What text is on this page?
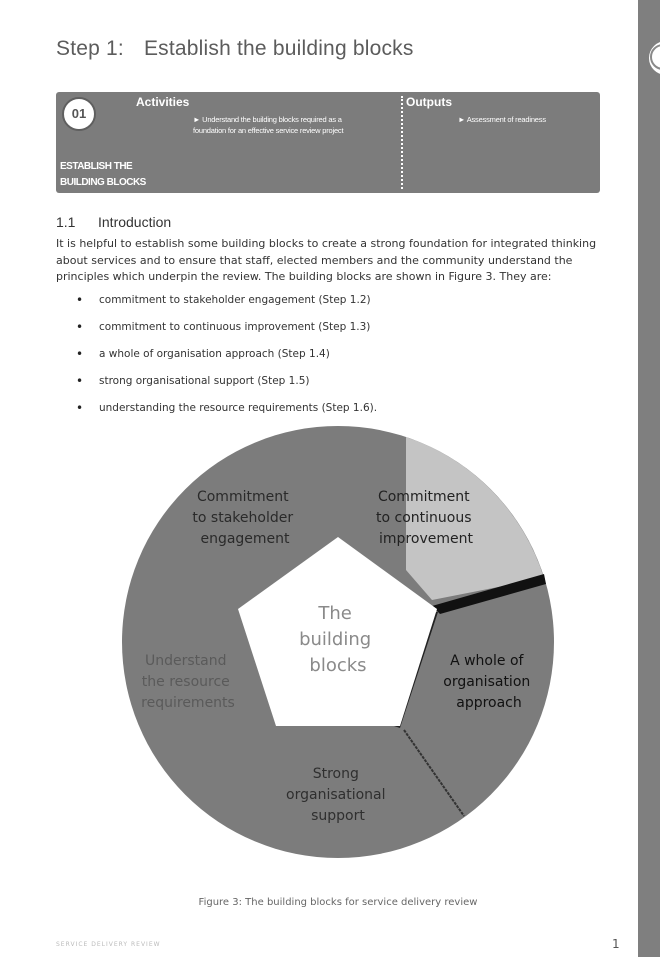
Step 1: Establish the building blocks
01
Activities	Outputs
► Understand the building blocks required as a foundation for an effective service review project
► Assessment of readiness
ESTABLISH THE BUILDING BLOCKS
1.1 Introduction
It is helpful to establish some building blocks to create a strong foundation for integrated thinking about services and to ensure that staff, elected members and the community understand the principles which underpin the review. The building blocks are shown in Figure 3. They are:
• commitment to stakeholder engagement (Step 1.2)
• commitment to continuous improvement (Step 1.3)
• a whole of organisation approach (Step 1.4)
• strong organisational support (Step 1.5)
• understanding the resource requirements (Step 1.6).
The building blocks
Commitment to stakeholder engagement
Commitment to continuous improvement
A whole of organisation approach
Strong organisational support
Understand the resource requirements
Figure 3: The building blocks for service delivery review
SERVICE DELIVERY REVIEW	1
